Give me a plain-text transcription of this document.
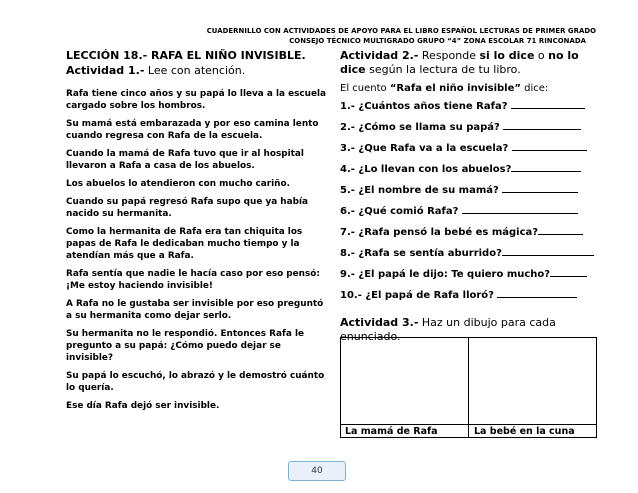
CUADERNILLO CON ACTIVIDADES DE APOYO PARA EL LIBRO ESPAÑOL LECTURAS DE PRIMER GRADO
CONSEJO TÉCNICO MULTIGRADO GRUPO “4” ZONA ESCOLAR 71 RINCONADA
LECCIÓN 18.- RAFA EL NIÑO INVISIBLE.
Actividad 1.- Lee con atención.

Rafa tiene cinco años y su papá lo lleva a la escuela cargado sobre los hombros.

Su mamá está embarazada y por eso camina lento cuando regresa con Rafa de la escuela.

Cuando la mamá de Rafa tuvo que ir al hospital llevaron a Rafa a casa de los abuelos.

Los abuelos lo atendieron con mucho cariño.

Cuando su papá regresó Rafa supo que ya había nacido su hermanita.

Como la hermanita de Rafa era tan chiquita los papas de Rafa le dedicaban mucho tiempo y la atendían más que a Rafa.

Rafa sentía que nadie le hacía caso por eso pensó: ¡Me estoy haciendo invisible!

A Rafa no le gustaba ser invisible por eso preguntó a su hermanita como dejar serlo.

Su hermanita no le respondió. Entonces Rafa le pregunto a su papá: ¿Cómo puedo dejar se invisible?

Su papá lo escuchó, lo abrazó y le demostró cuánto lo quería.

Ese día Rafa dejó ser invisible.

Actividad 2.- Responde si lo dice o no lo dice según la lectura de tu libro.
El cuento “Rafa el niño invisible” dice:
1.- ¿Cuántos años tiene Rafa?
2.- ¿Cómo se llama su papá?
3.- ¿Que Rafa va a la escuela?
4.- ¿Lo llevan con los abuelos?
5.- ¿El nombre de su mamá?
6.- ¿Qué comió Rafa?
7.- ¿Rafa pensó la bebé es mágica?
8.- ¿Rafa se sentía aburrido?
9.- ¿El papá le dijo: Te quiero mucho?
10.- ¿El papá de Rafa lloró?
Actividad 3.- Haz un dibujo para cada enunciado.
La mamá de Rafa	La bebé en la cuna
40
